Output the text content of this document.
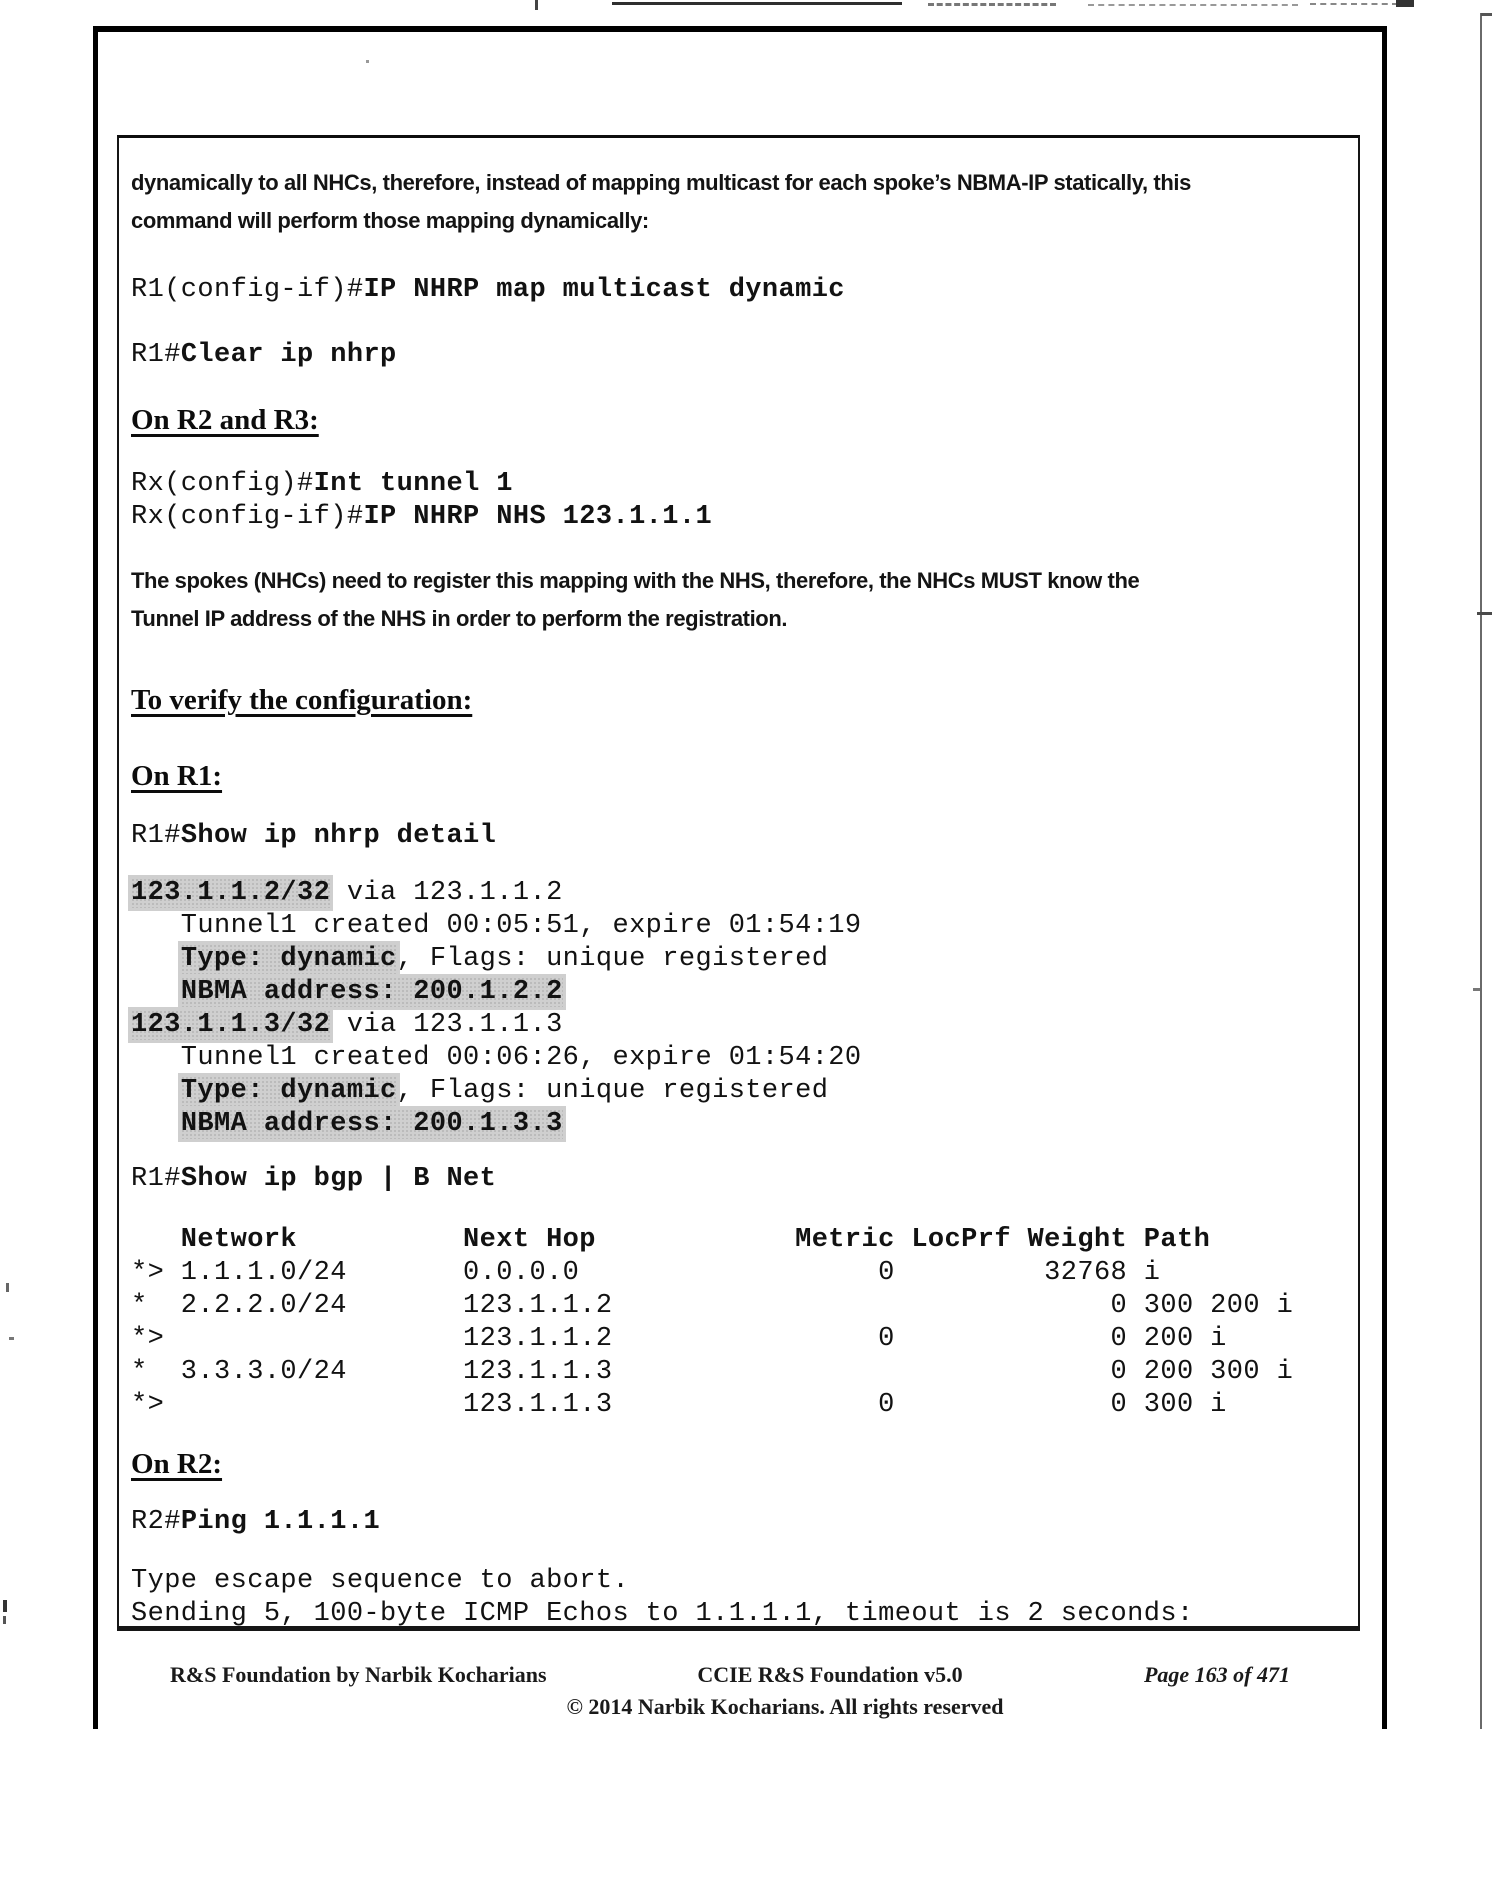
dynamically to all NHCs, therefore, instead of mapping multicast for each spoke’s NBMA-IP statically, this
command will perform those mapping dynamically:
R1(config-if)#IP NHRP map multicast dynamic
R1#Clear ip nhrp
On R2 and R3:
Rx(config)#Int tunnel 1
Rx(config-if)#IP NHRP NHS 123.1.1.1
The spokes (NHCs) need to register this mapping with the NHS, therefore, the NHCs MUST know the
Tunnel IP address of the NHS in order to perform the registration.
To verify the configuration:
On R1:
R1#Show ip nhrp detail
123.1.1.2/32 via 123.1.1.2
Tunnel1 created 00:05:51, expire 01:54:19
Type: dynamic, Flags: unique registered
NBMA address: 200.1.2.2
123.1.1.3/32 via 123.1.1.3
Tunnel1 created 00:06:26, expire 01:54:20
Type: dynamic, Flags: unique registered
NBMA address: 200.1.3.3
R1#Show ip bgp | B Net
Network          Next Hop            Metric LocPrf Weight Path
*> 1.1.1.0/24       0.0.0.0                  0         32768 i
*  2.2.2.0/24       123.1.1.2                              0 300 200 i
*>                  123.1.1.2                0             0 200 i
*  3.3.3.0/24       123.1.1.3                              0 200 300 i
*>                  123.1.1.3                0             0 300 i
On R2:
R2#Ping 1.1.1.1
Type escape sequence to abort.
Sending 5, 100-byte ICMP Echos to 1.1.1.1, timeout is 2 seconds:
R&S Foundation by Narbik Kocharians	CCIE R&S Foundation v5.0	Page 163 of 471
© 2014 Narbik Kocharians. All rights reserved
